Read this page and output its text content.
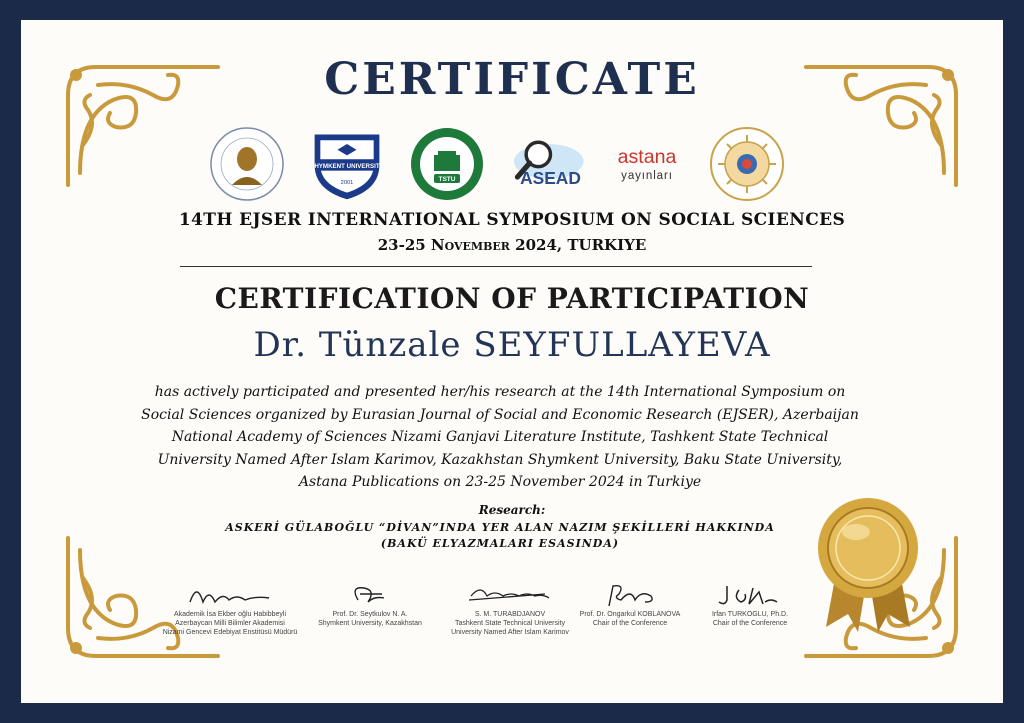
CERTIFICATE
SHYMKENT UNIVERSITY
2001	TSTU	ASEAD
astana
yayınları
14TH EJSER INTERNATIONAL SYMPOSIUM ON SOCIAL SCIENCES
23-25 November 2024, TURKIYE
CERTIFICATION OF PARTICIPATION
Dr. Tünzale SEYFULLAYEVA
has actively participated and presented her/his research at the 14th International Symposium on
Social Sciences organized by Eurasian Journal of Social and Economic Research (EJSER), Azerbaijan
National Academy of Sciences Nizami Ganjavi Literature Institute, Tashkent State Technical
University Named After Islam Karimov, Kazakhstan Shymkent University, Baku State University,
Astana Publications on 23-25 November 2024 in Turkiye
Research:
ASKERİ GÜLABOĞLU “DİVAN”INDA YER ALAN NAZIM ŞEKİLLERİ HAKKINDA
(BAKÜ ELYAZMALARI ESASINDA)
Akademik İsa Ekber oğlu Habibbeyli
Azerbaycan Milli Bilimler Akademisi
Nizami Gencevi Edebiyat Enstitüsü Müdürü
Prof. Dr. Seytkulov N. A.
Shymkent University, Kazakhstan
S. M. TURABDJANOV
Tashkent State Technical University
University Named After Islam Karimov
Prof. Dr. Ongarkul KOBLANOVA
Chair of the Conference
Irfan TURKOGLU, Ph.D.
Chair of the Conference
